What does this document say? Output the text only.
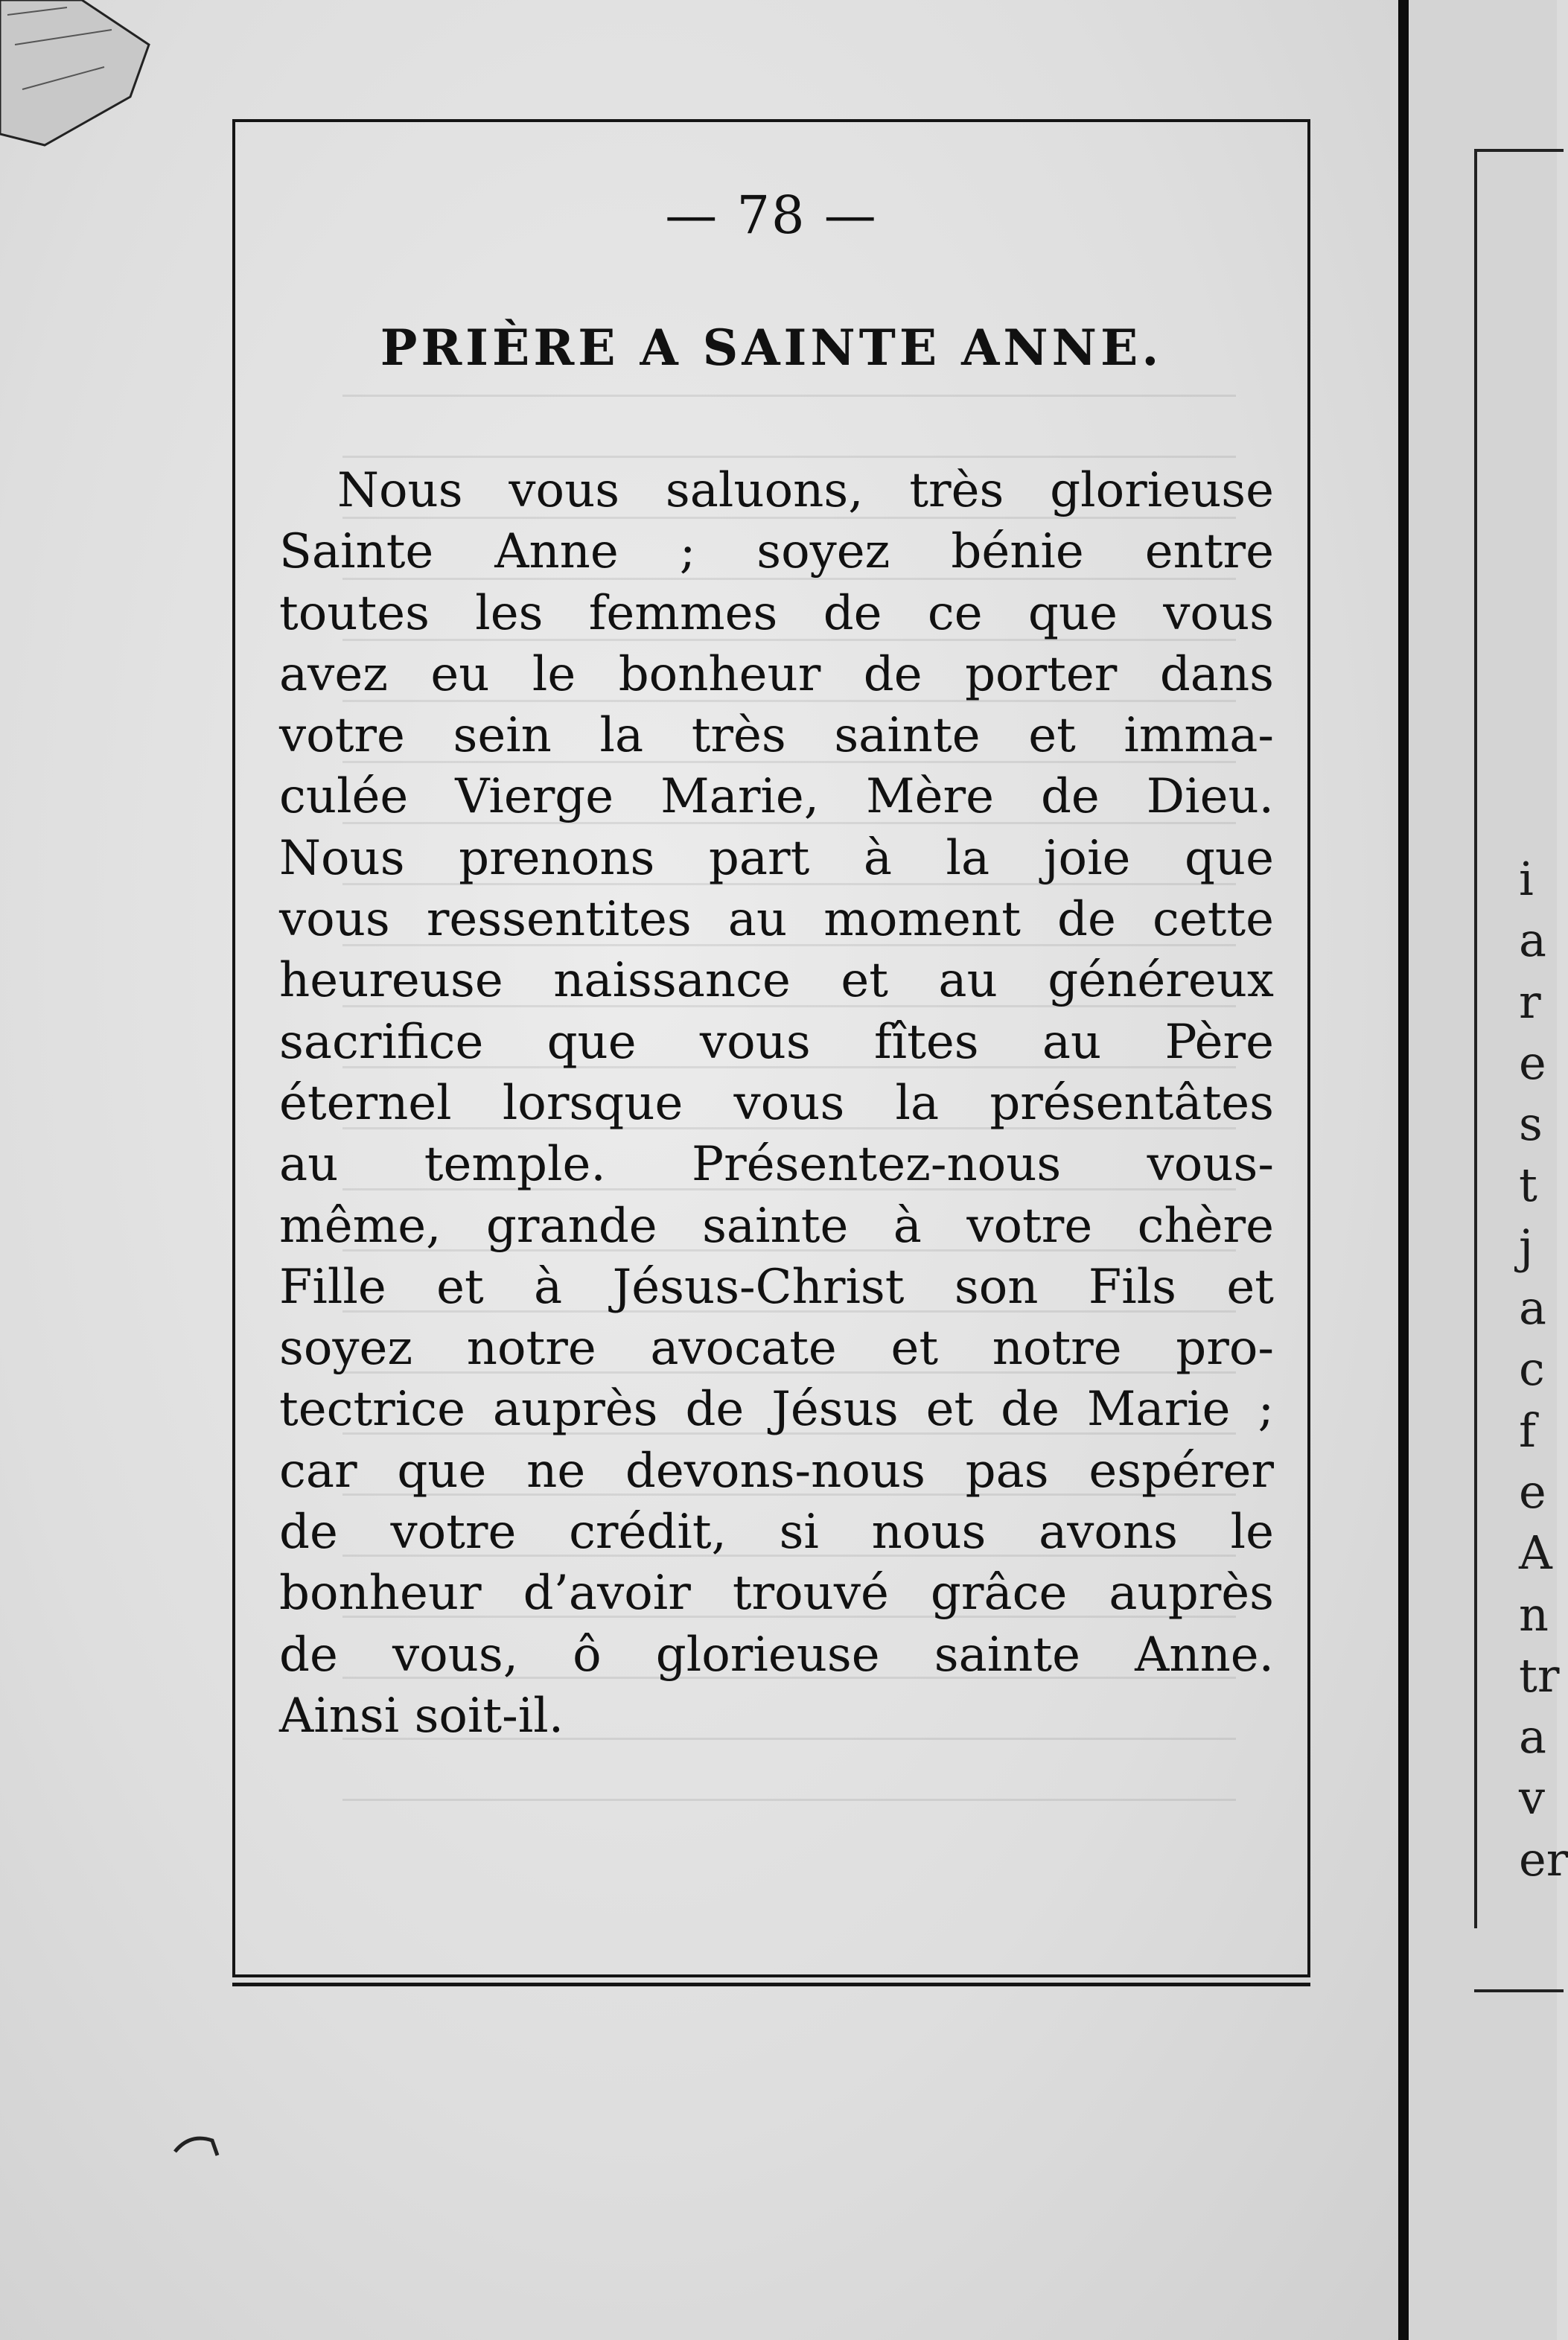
i
a
r
e
s
t
j
a
c
f
e
A
n
tr
a
v
er
— 78 —
PRIÈRE A SAINTE ANNE.
Nous vous saluons, très glorieuse
Sainte Anne ; soyez bénie entre
toutes les femmes de ce que vous
avez eu le bonheur de porter dans
votre sein la très sainte et imma-
culée Vierge Marie, Mère de Dieu.
Nous prenons part à la joie que
vous ressentites au moment de cette
heureuse naissance et au généreux
sacrifice que vous fîtes au Père
éternel lorsque vous la présentâtes
au temple. Présentez-nous vous-
même, grande sainte à votre chère
Fille et à Jésus-Christ son Fils et
soyez notre avocate et notre pro-
tectrice auprès de Jésus et de Marie ;
car que ne devons-nous pas espérer
de votre crédit, si nous avons le
bonheur d’avoir trouvé grâce auprès
de vous, ô glorieuse sainte Anne.
Ainsi soit-il.
